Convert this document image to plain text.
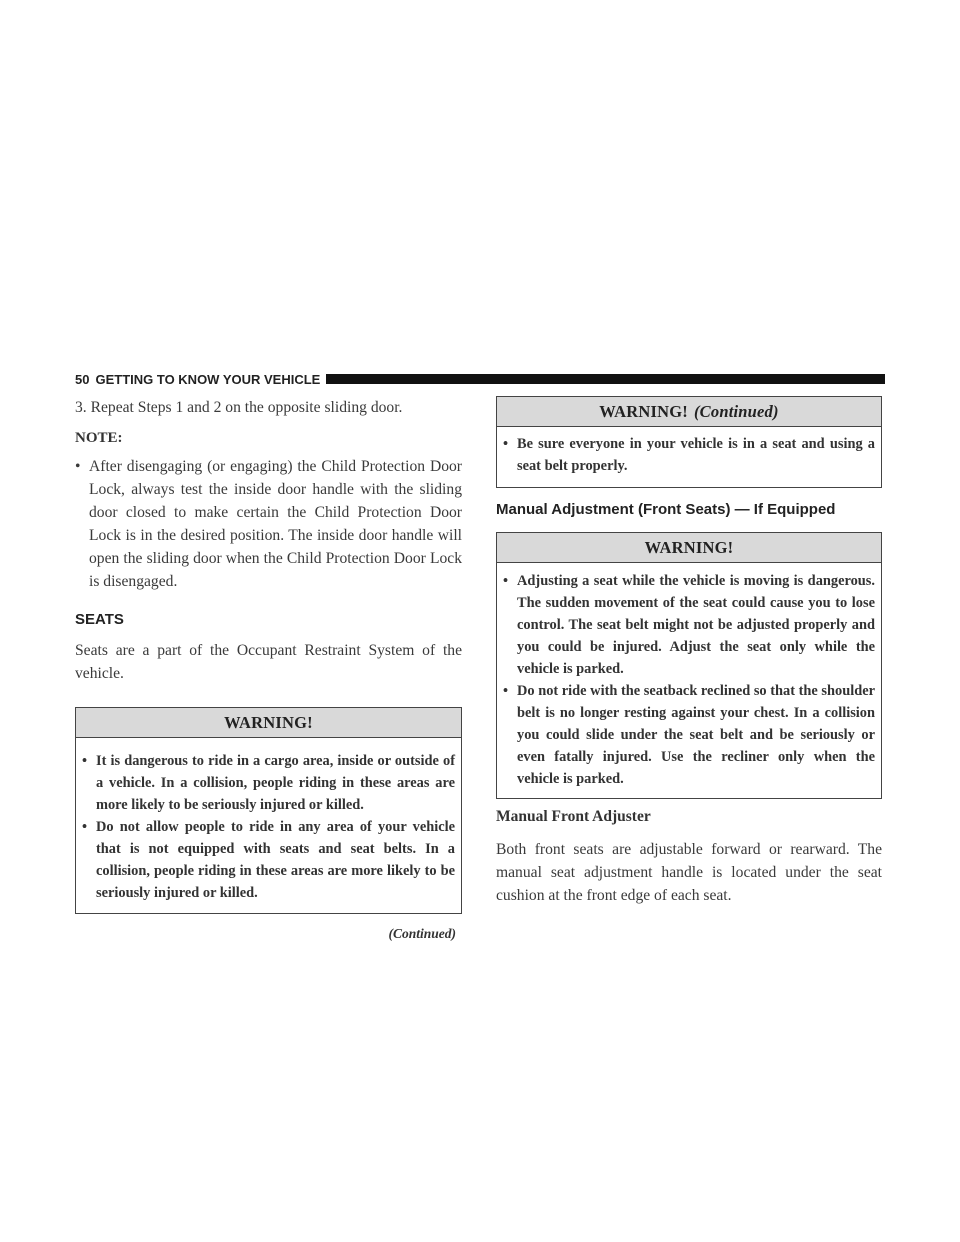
50 GETTING TO KNOW YOUR VEHICLE

3. Repeat Steps 1 and 2 on the opposite sliding door.

NOTE:

• After disengaging (or engaging) the Child Protection Door Lock, always test the inside door handle with the sliding door closed to make certain the Child Protection Door Lock is in the desired position. The inside door handle will open the sliding door when the Child Protection Door Lock is disengaged.
SEATS

Seats are a part of the Occupant Restraint System of the vehicle.

WARNING!
• It is dangerous to ride in a cargo area, inside or outside of a vehicle. In a collision, people riding in these areas are more likely to be seriously injured or killed.
• Do not allow people to ride in any area of your vehicle that is not equipped with seats and seat belts. In a collision, people riding in these areas are more likely to be seriously injured or killed.

(Continued)

WARNING! (Continued)
• Be sure everyone in your vehicle is in a seat and using a seat belt properly.
Manual Adjustment (Front Seats) — If Equipped
WARNING!
• Adjusting a seat while the vehicle is moving is dangerous. The sudden movement of the seat could cause you to lose control. The seat belt might not be adjusted properly and you could be injured. Adjust the seat only while the vehicle is parked.
• Do not ride with the seatback reclined so that the shoulder belt is no longer resting against your chest. In a collision you could slide under the seat belt and be seriously or even fatally injured. Use the recliner only when the vehicle is parked.
Manual Front Adjuster

Both front seats are adjustable forward or rearward. The manual seat adjustment handle is located under the seat cushion at the front edge of each seat.
